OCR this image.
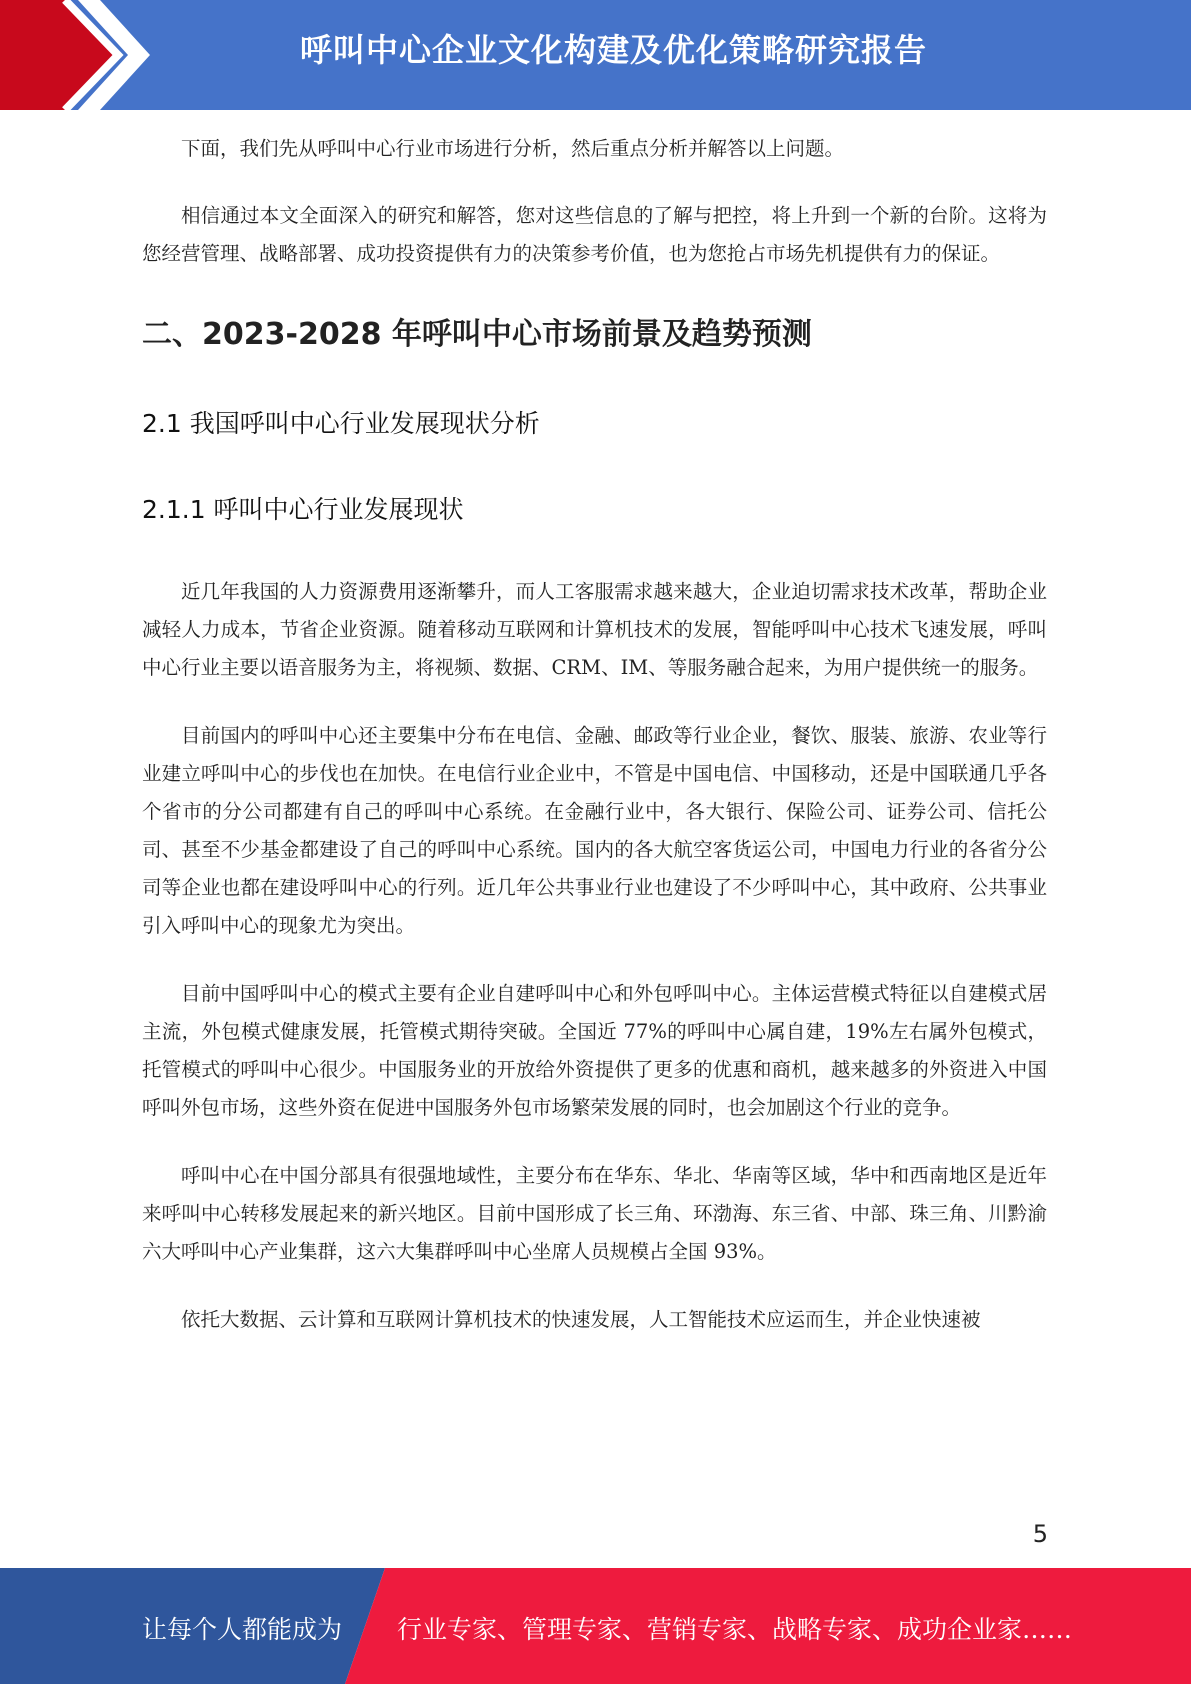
呼叫中心企业文化构建及优化策略研究报告

下面，我们先从呼叫中心行业市场进行分析，然后重点分析并解答以上问题。

相信通过本文全面深入的研究和解答，您对这些信息的了解与把控，将上升到一个新的台阶。这将为您经营管理、战略部署、成功投资提供有力的决策参考价值，也为您抢占市场先机提供有力的保证。

二、2023-2028 年呼叫中心市场前景及趋势预测
2.1 我国呼叫中心行业发展现状分析
2.1.1 呼叫中心行业发展现状

近几年我国的人力资源费用逐渐攀升，而人工客服需求越来越大，企业迫切需求技术改革，帮助企业减轻人力成本，节省企业资源。随着移动互联网和计算机技术的发展，智能呼叫中心技术飞速发展，呼叫中心行业主要以语音服务为主，将视频、数据、CRM、IM、等服务融合起来，为用户提供统一的服务。

目前国内的呼叫中心还主要集中分布在电信、金融、邮政等行业企业，餐饮、服装、旅游、农业等行业建立呼叫中心的步伐也在加快。在电信行业企业中，不管是中国电信、中国移动，还是中国联通几乎各个省市的分公司都建有自己的呼叫中心系统。在金融行业中，各大银行、保险公司、证券公司、信托公司、甚至不少基金都建设了自己的呼叫中心系统。国内的各大航空客货运公司，中国电力行业的各省分公司等企业也都在建设呼叫中心的行列。近几年公共事业行业也建设了不少呼叫中心，其中政府、公共事业引入呼叫中心的现象尤为突出。

目前中国呼叫中心的模式主要有企业自建呼叫中心和外包呼叫中心。主体运营模式特征以自建模式居主流，外包模式健康发展，托管模式期待突破。全国近 77%的呼叫中心属自建，19%左右属外包模式，托管模式的呼叫中心很少。中国服务业的开放给外资提供了更多的优惠和商机，越来越多的外资进入中国呼叫外包市场，这些外资在促进中国服务外包市场繁荣发展的同时，也会加剧这个行业的竞争。

呼叫中心在中国分部具有很强地域性，主要分布在华东、华北、华南等区域，华中和西南地区是近年来呼叫中心转移发展起来的新兴地区。目前中国形成了长三角、环渤海、东三省、中部、珠三角、川黔渝六大呼叫中心产业集群，这六大集群呼叫中心坐席人员规模占全国 93%。

依托大数据、云计算和互联网计算机技术的快速发展，人工智能技术应运而生，并企业快速被

5
让每个人都能成为 行业专家、管理专家、营销专家、战略专家、成功企业家……
